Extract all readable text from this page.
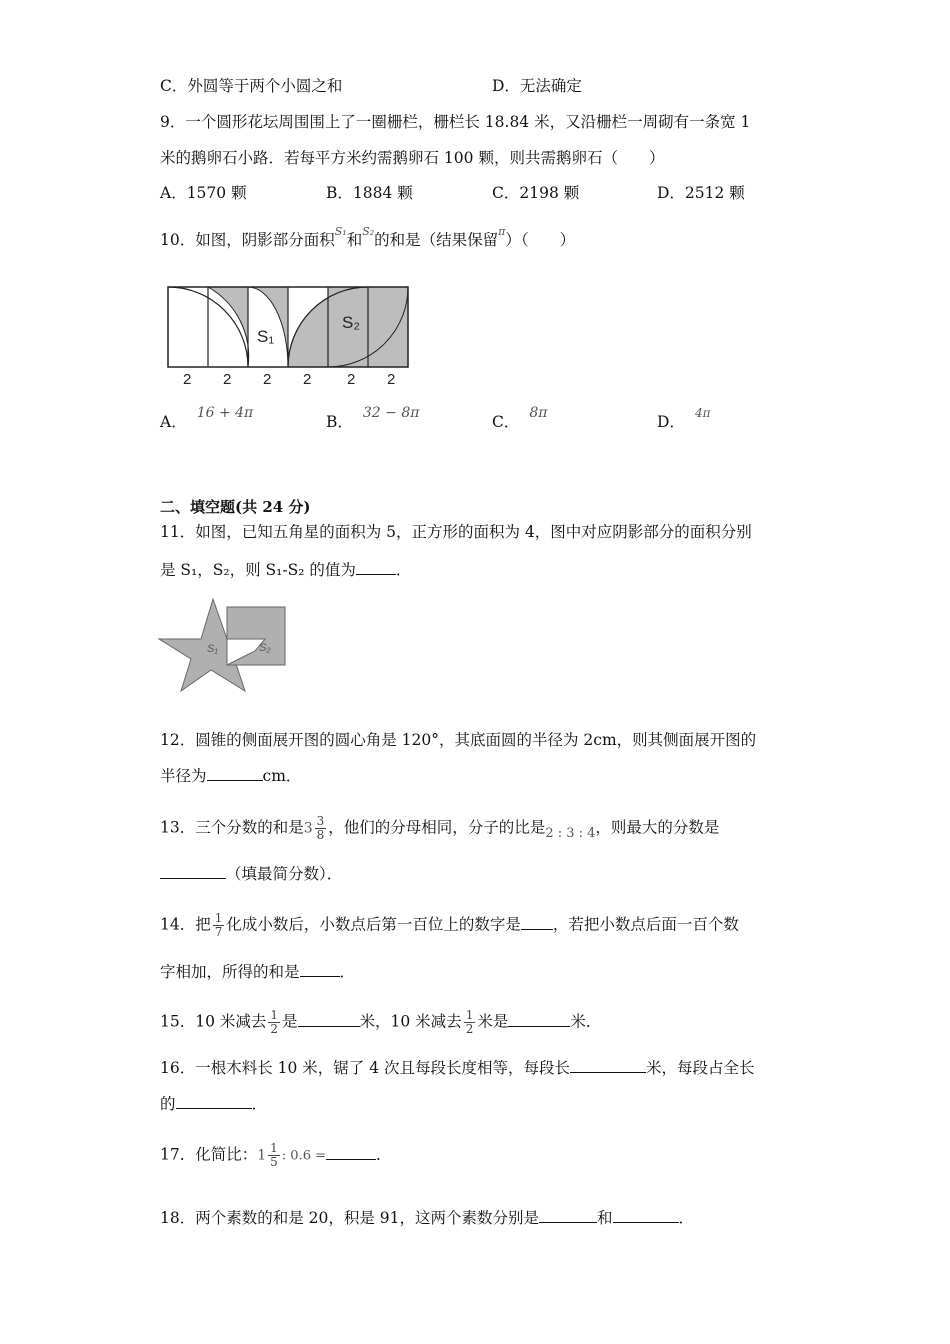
C．外圆等于两个小圆之和	D．无法确定
9．一个圆形花坛周围围上了一圈栅栏，栅栏长 18.84 米，又沿栅栏一周砌有一条宽 1
米的鹅卵石小路．若每平方米约需鹅卵石 100 颗，则共需鹅卵石（　　）
A．1570 颗	B．1884 颗	C．2198 颗	D．2512 颗
10．如图，阴影部分面积$^{S_1}$和$^{S_2}$的和是（结果保留$^\pi$）（　　）
S₁
S₂
2 2 2 2 2 2
A． 16 + 4π	B． 32 − 8π	C． 8π	D． $^{4\pi}$
二、填空题(共 24 分)
11．如图，已知五角星的面积为 5，正方形的面积为 4，图中对应阴影部分的面积分别
是 S₁，S₂，则 S₁-S₂ 的值为	．
S₁	S₂
12．圆锥的侧面展开图的圆心角是 120°，其底面圆的半径为 2cm，则其侧面展开图的
半径为	cm．
13．三个分数的和是$3 \frac{3}{8}$ ，他们的分母相同，分子的比是$_{2 : 3 : 4}$，则最大的分数是
（填最简分数）．
14．把 $\frac{1}{7}$ 化成小数后，小数点后第一百位上的数字是 ，若把小数点后面一百个数
字相加，所得的和是	．
15．10 米减去 $\frac{1}{2}$ 是	米，10 米减去 $\frac{1}{2}$ 米是	米．
16．一根木料长 10 米，锯了 4 次且每段长度相等，每段长	米，每段占全长
的	．
17．化简比：$1 \frac{1}{5}$ : 0.6 =	．
18．两个素数的和是 20，积是 91，这两个素数分别是	和	．
